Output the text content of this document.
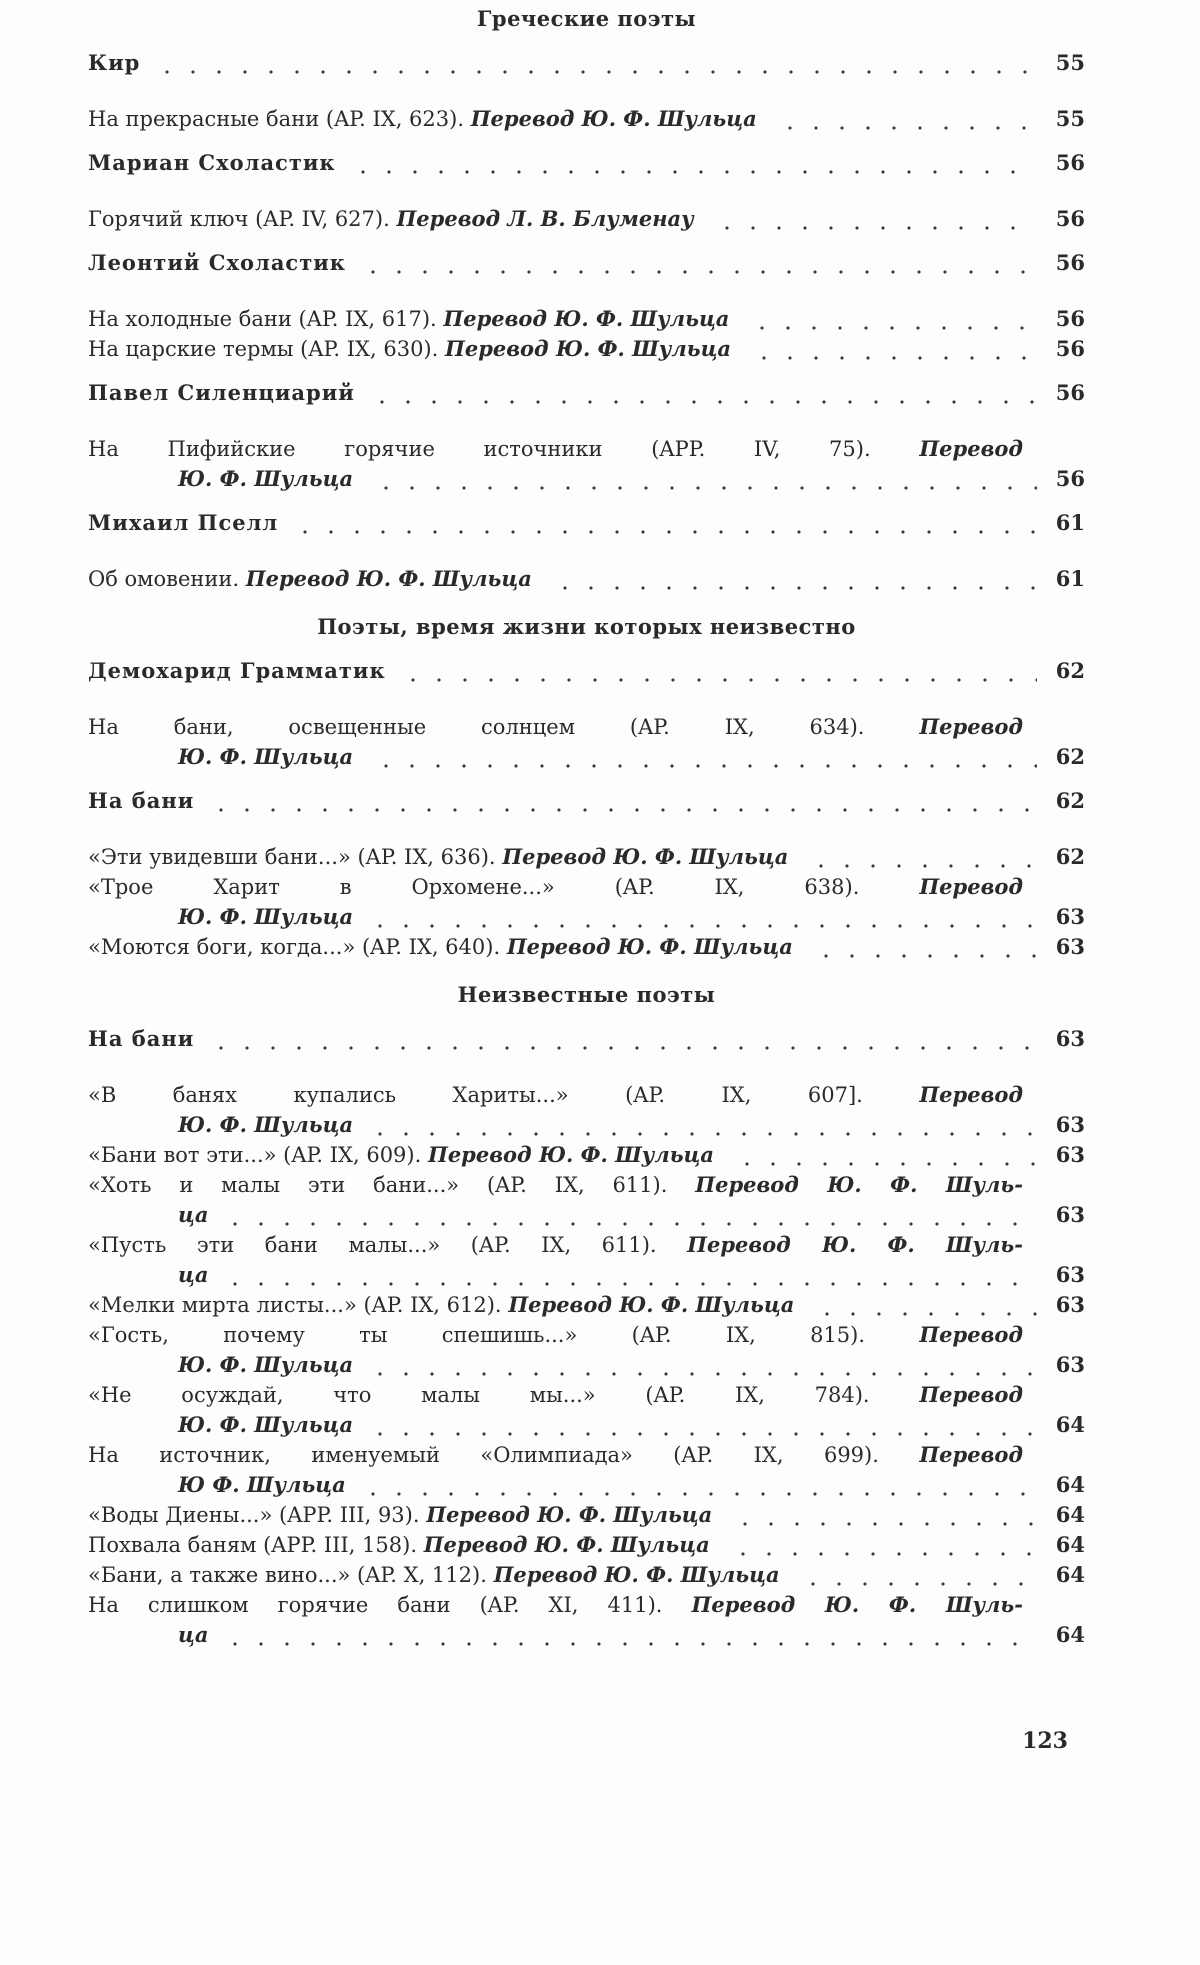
Греческие поэты
Кир	55
На прекрасные бани (AP. IX, 623). Перевод Ю. Ф. Шульца	55
Мариан Схоластик	56
Горячий ключ (AP. IV, 627). Перевод Л. В. Блуменау	56
Леонтий Схоластик	56
На холодные бани (AP. IX, 617). Перевод Ю. Ф. Шульца	56
На царские термы (AP. IX, 630). Перевод Ю. Ф. Шульца	56
Павел Силенциарий	56
На Пифийские горячие источники (APP. IV, 75). Перевод
Ю. Ф. Шульца	56
Михаил Пселл	61
Об омовении. Перевод Ю. Ф. Шульца	61
Поэты, время жизни которых неизвестно
Демохарид Грамматик	62
На бани, освещенные солнцем (AP. IX, 634).	Перевод
Ю. Ф. Шульца	62
На бани	62
«Эти увидевши бани...» (AP. IX, 636). Перевод Ю. Ф. Шульца	62
«Трое Харит в Орхомене...» (AP. IX, 638).	Перевод
Ю. Ф. Шульца	63
«Моются боги, когда...» (AP. IX, 640). Перевод Ю. Ф. Шульца	63
Неизвестные поэты
На бани	63
«В банях купались Хариты...» (AP. IX, 607].	Перевод
Ю. Ф. Шульца	63
«Бани вот эти...» (AP. IX, 609). Перевод Ю. Ф. Шульца	63
«Хоть и малы эти бани...» (AP. IX, 611). Перевод Ю. Ф. Шуль-
ца	63
«Пусть эти бани малы...» (AP. IX, 611). Перевод Ю. Ф. Шуль-
ца	63
«Мелки мирта листы...» (AP. IX, 612). Перевод Ю. Ф. Шульца	63
«Гость, почему ты спешишь...» (AP. IX, 815).	Перевод
Ю. Ф. Шульца	63
«Не осуждай, что малы мы...» (AP. IX, 784). Перевод
Ю. Ф. Шульца	64
На источник, именуемый «Олимпиада» (AP. IX, 699). Перевод
Ю Ф. Шульца	64
«Воды Диены...» (APP. III, 93). Перевод Ю. Ф. Шульца	64
Похвала баням (APP. III, 158). Перевод Ю. Ф. Шульца	64
«Бани, а также вино...» (AP. X, 112). Перевод Ю. Ф. Шульца	64
На слишком горячие бани (AP. XI, 411). Перевод Ю. Ф. Шуль-
ца	64
123
